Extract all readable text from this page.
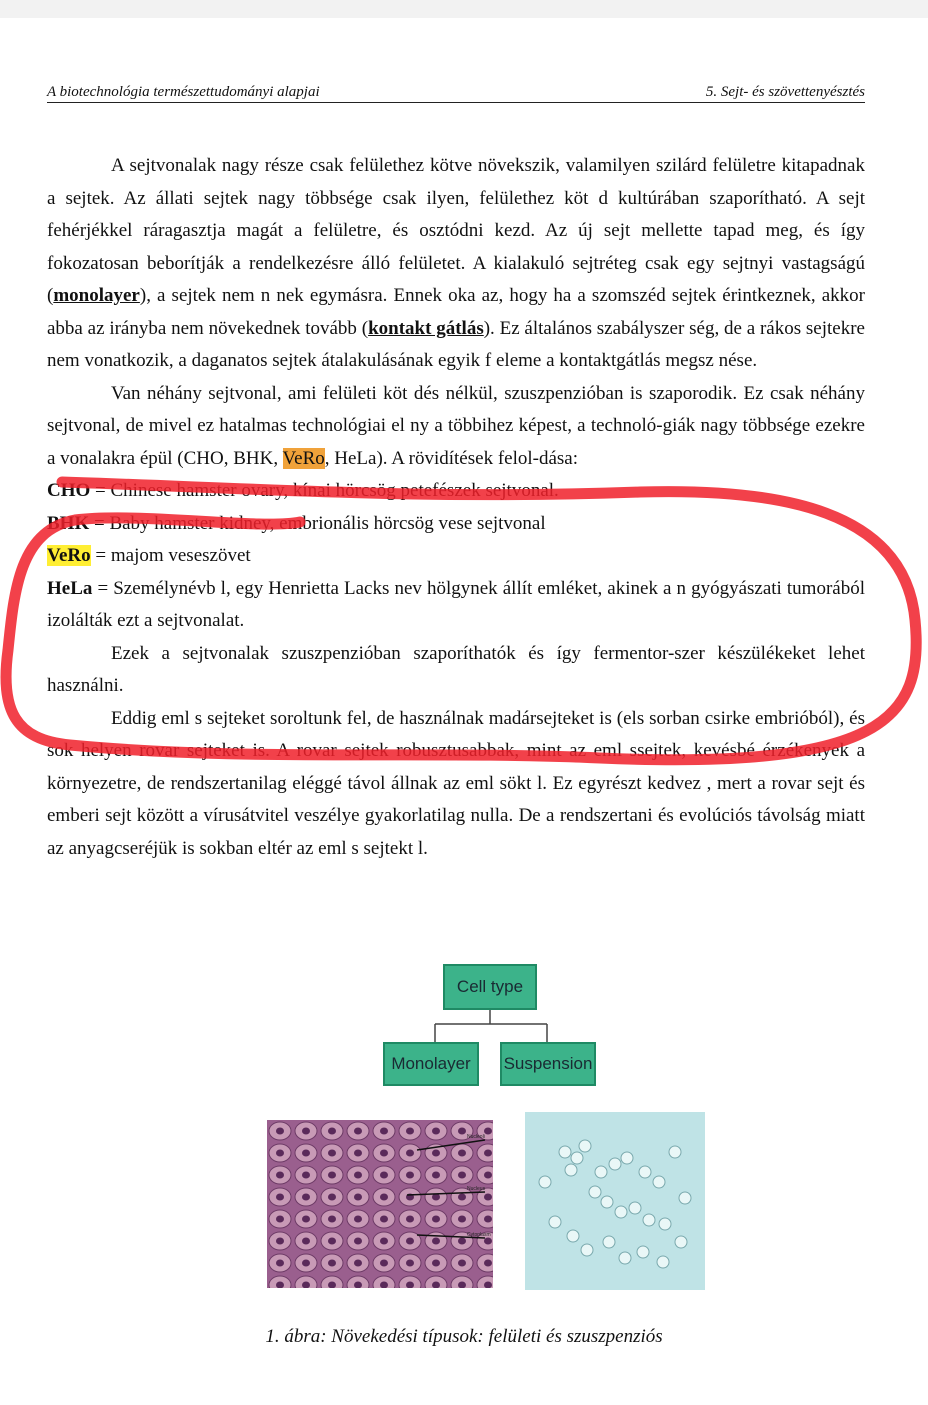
A biotechnológia természettudományi alapjai	5. Sejt- és szövettenyésztés

A sejtvonalak nagy része csak felülethez kötve növekszik, valamilyen szilárd felületre kitapadnak a sejtek. Az állati sejtek nagy többsége csak ilyen, felülethez köt d kultúrában szaporítható. A sejt fehérjékkel ráragasztja magát a felületre, és osztódni kezd. Az új sejt mellette tapad meg, és így fokozatosan beborítják a rendelkezésre álló felületet. A kialakuló sejtréteg csak egy sejtnyi vastagságú (monolayer), a sejtek nem n nek egymásra. Ennek oka az, hogy ha a szomszéd sejtek érintkeznek, akkor abba az irányba nem növekednek tovább (kontakt gátlás). Ez általános szabályszer ség, de a rákos sejtekre nem vonatkozik, a daganatos sejtek átalakulásának egyik f eleme a kontaktgátlás megsz nése.

Van néhány sejtvonal, ami felületi köt dés nélkül, szuszpenzióban is szaporodik. Ez csak néhány sejtvonal, de mivel ez hatalmas technológiai el ny a többihez képest, a technoló-giák nagy többsége ezekre a vonalakra épül (CHO, BHK, VeRo, HeLa). A rövidítések felol-dása:

CHO = Chinese hamster ovary, kínai hörcsög petefészek sejtvonal.

BHK = Baby hamster kidney, embrionális hörcsög vese sejtvonal

VeRo = majom veseszövet

HeLa = Személynévb l, egy Henrietta Lacks nev hölgynek állít emléket, akinek a n gyógyászati tumorából izolálták ezt a sejtvonalat.

Ezek a sejtvonalak szuszpenzióban szaporíthatók és így fermentor-szer készülékeket lehet használni.

Eddig eml s sejteket soroltunk fel, de használnak madársejteket is (els sorban csirke embrióból), és sok helyen rovar sejteket is. A rovar sejtek robusztusabbak, mint az eml ssejtek, kevésbé érzékenyek a környezetre, de rendszertanilag eléggé távol állnak az eml sökt l. Ez egyrészt kedvez , mert a rovar sejt és emberi sejt között a vírusátvitel veszélye gyakorlatilag nulla. De a rendszertani és evolúciós távolság miatt az anyagcseréjük is sokban eltér az eml s sejtekt l.

Cell type
Monolayer	Suspension
Nucleoli
Nucleus
Cytoplasm
1. ábra: Növekedési típusok: felületi és szuszpenziós
